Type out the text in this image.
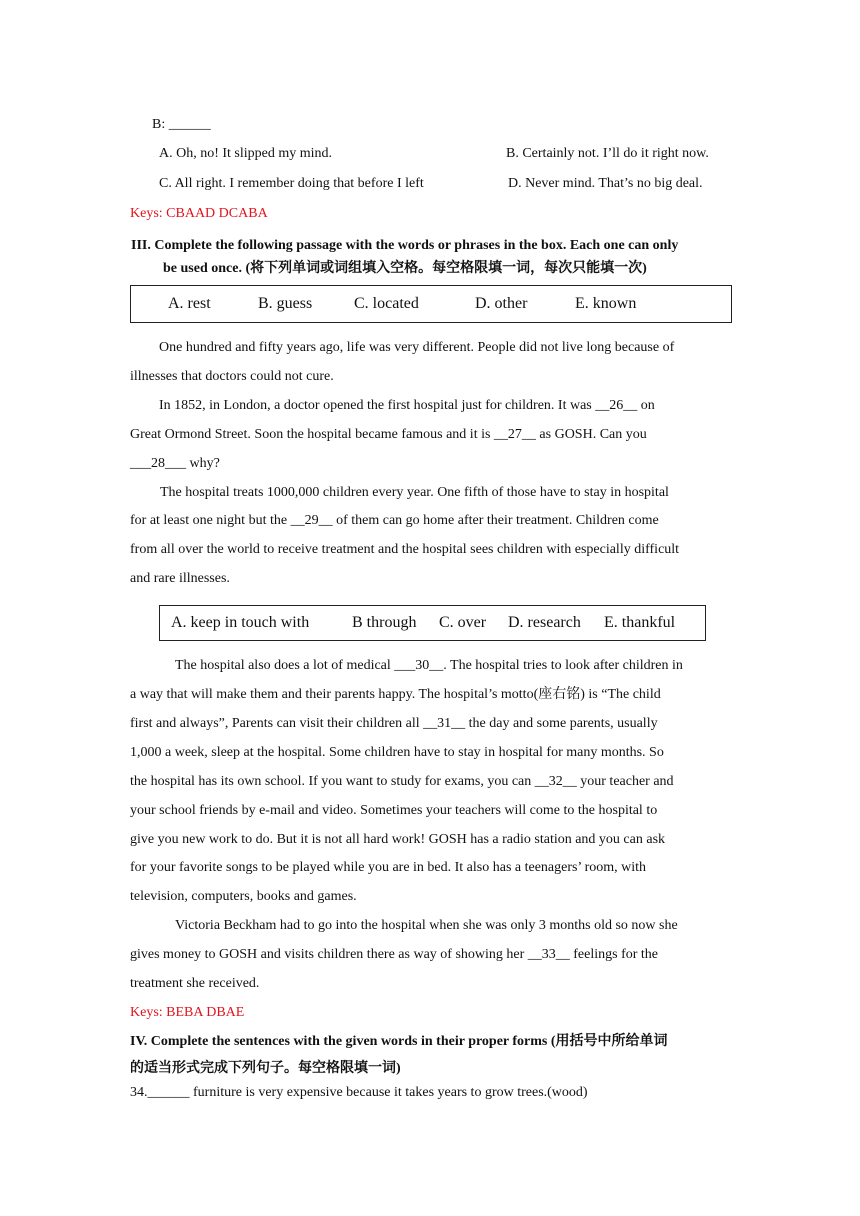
B: ______
A. Oh, no! It slipped my mind.	B. Certainly not. I’ll do it right now.
C. All right. I remember doing that before I left	D. Never mind. That’s no big deal.
Keys: CBAAD DCABA
III. Complete the following passage with the words or phrases in the box. Each one can only
be used once. (将下列单词或词组填入空格。每空格限填一词，每次只能填一次)
A. rest	B. guess	C. located	D. other	E. known
One hundred and fifty years ago, life was very different. People did not live long because of
illnesses that doctors could not cure.
In 1852, in London, a doctor opened the first hospital just for children. It was __26__ on
Great Ormond Street. Soon the hospital became famous and it is __27__ as GOSH. Can you
___28___ why?
The hospital treats 1000,000 children every year. One fifth of those have to stay in hospital
for at least one night but the __29__ of them can go home after their treatment. Children come
from all over the world to receive treatment and the hospital sees children with especially difficult
and rare illnesses.
A. keep in touch with	B through C. over D. research E. thankful
The hospital also does a lot of medical ___30__. The hospital tries to look after children in
a way that will make them and their parents happy. The hospital’s motto(座右铭) is “The child
first and always”, Parents can visit their children all __31__ the day and some parents, usually
1,000 a week, sleep at the hospital. Some children have to stay in hospital for many months. So
the hospital has its own school. If you want to study for exams, you can __32__ your teacher and
your school friends by e-mail and video. Sometimes your teachers will come to the hospital to
give you new work to do. But it is not all hard work! GOSH has a radio station and you can ask
for your favorite songs to be played while you are in bed. It also has a teenagers’ room, with
television, computers, books and games.
Victoria Beckham had to go into the hospital when she was only 3 months old so now she
gives money to GOSH and visits children there as way of showing her __33__ feelings for the
treatment she received.
Keys: BEBA DBAE
IV. Complete the sentences with the given words in their proper forms (用括号中所给单词
的适当形式完成下列句子。每空格限填一词)
34.______ furniture is very expensive because it takes years to grow trees.(wood)
